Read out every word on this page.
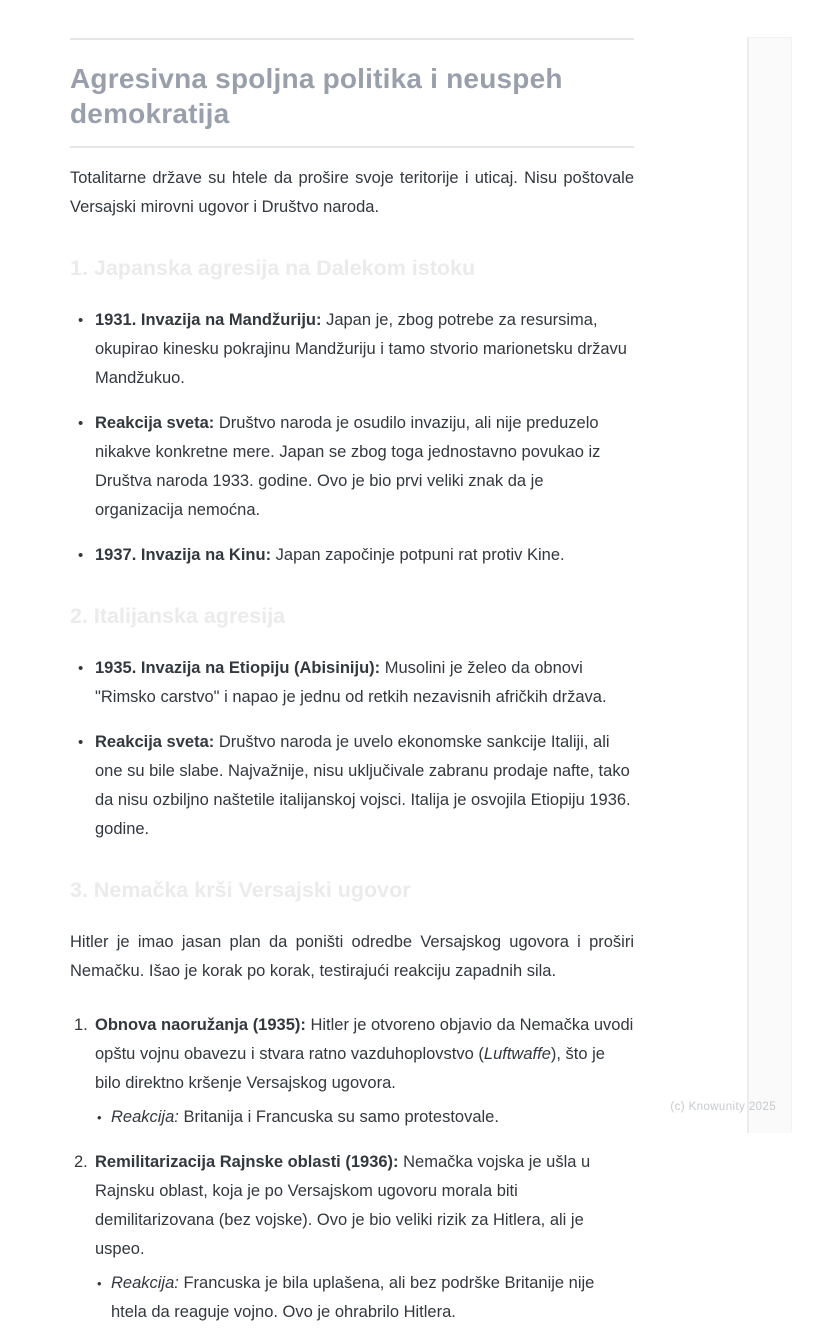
Agresivna spoljna politika i neuspeh demokratija

Totalitarne države su htele da prošire svoje teritorije i uticaj. Nisu poštovale Versajski mirovni ugovor i Društvo naroda.

1. Japanska agresija na Dalekom istoku
• 1931. Invazija na Mandžuriju: Japan je, zbog potrebe za resursima, okupirao kinesku pokrajinu Mandžuriju i tamo stvorio marionetsku državu Mandžukuo.
• Reakcija sveta: Društvo naroda je osudilo invaziju, ali nije preduzelo nikakve konkretne mere. Japan se zbog toga jednostavno povukao iz Društva naroda 1933. godine. Ovo je bio prvi veliki znak da je organizacija nemoćna.
• 1937. Invazija na Kinu: Japan započinje potpuni rat protiv Kine.
2. Italijanska agresija
• 1935. Invazija na Etiopiju (Abisiniju): Musolini je želeo da obnovi "Rimsko carstvo" i napao je jednu od retkih nezavisnih afričkih država.
• Reakcija sveta: Društvo naroda je uvelo ekonomske sankcije Italiji, ali one su bile slabe. Najvažnije, nisu uključivale zabranu prodaje nafte, tako da nisu ozbiljno naštetile italijanskoj vojsci. Italija je osvojila Etiopiju 1936. godine.
3. Nemačka krši Versajski ugovor

Hitler je imao jasan plan da poništi odredbe Versajskog ugovora i proširi Nemačku. Išao je korak po korak, testirajući reakciju zapadnih sila.

1. Obnova naoružanja (1935): Hitler je otvoreno objavio da Nemačka uvodi opštu vojnu obavezu i stvara ratno vazduhoplovstvo (Luftwaffe), što je bilo direktno kršenje Versajskog ugovora.
• Reakcija: Britanija i Francuska su samo protestovale.
2. Remilitarizacija Rajnske oblasti (1936): Nemačka vojska je ušla u Rajnsku oblast, koja je po Versajskom ugovoru morala biti demilitarizovana (bez vojske). Ovo je bio veliki rizik za Hitlera, ali je uspeo.
• Reakcija: Francuska je bila uplašena, ali bez podrške Britanije nije htela da reaguje vojno. Ovo je ohrabrilo Hitlera.
(c) Knowunity 2025
